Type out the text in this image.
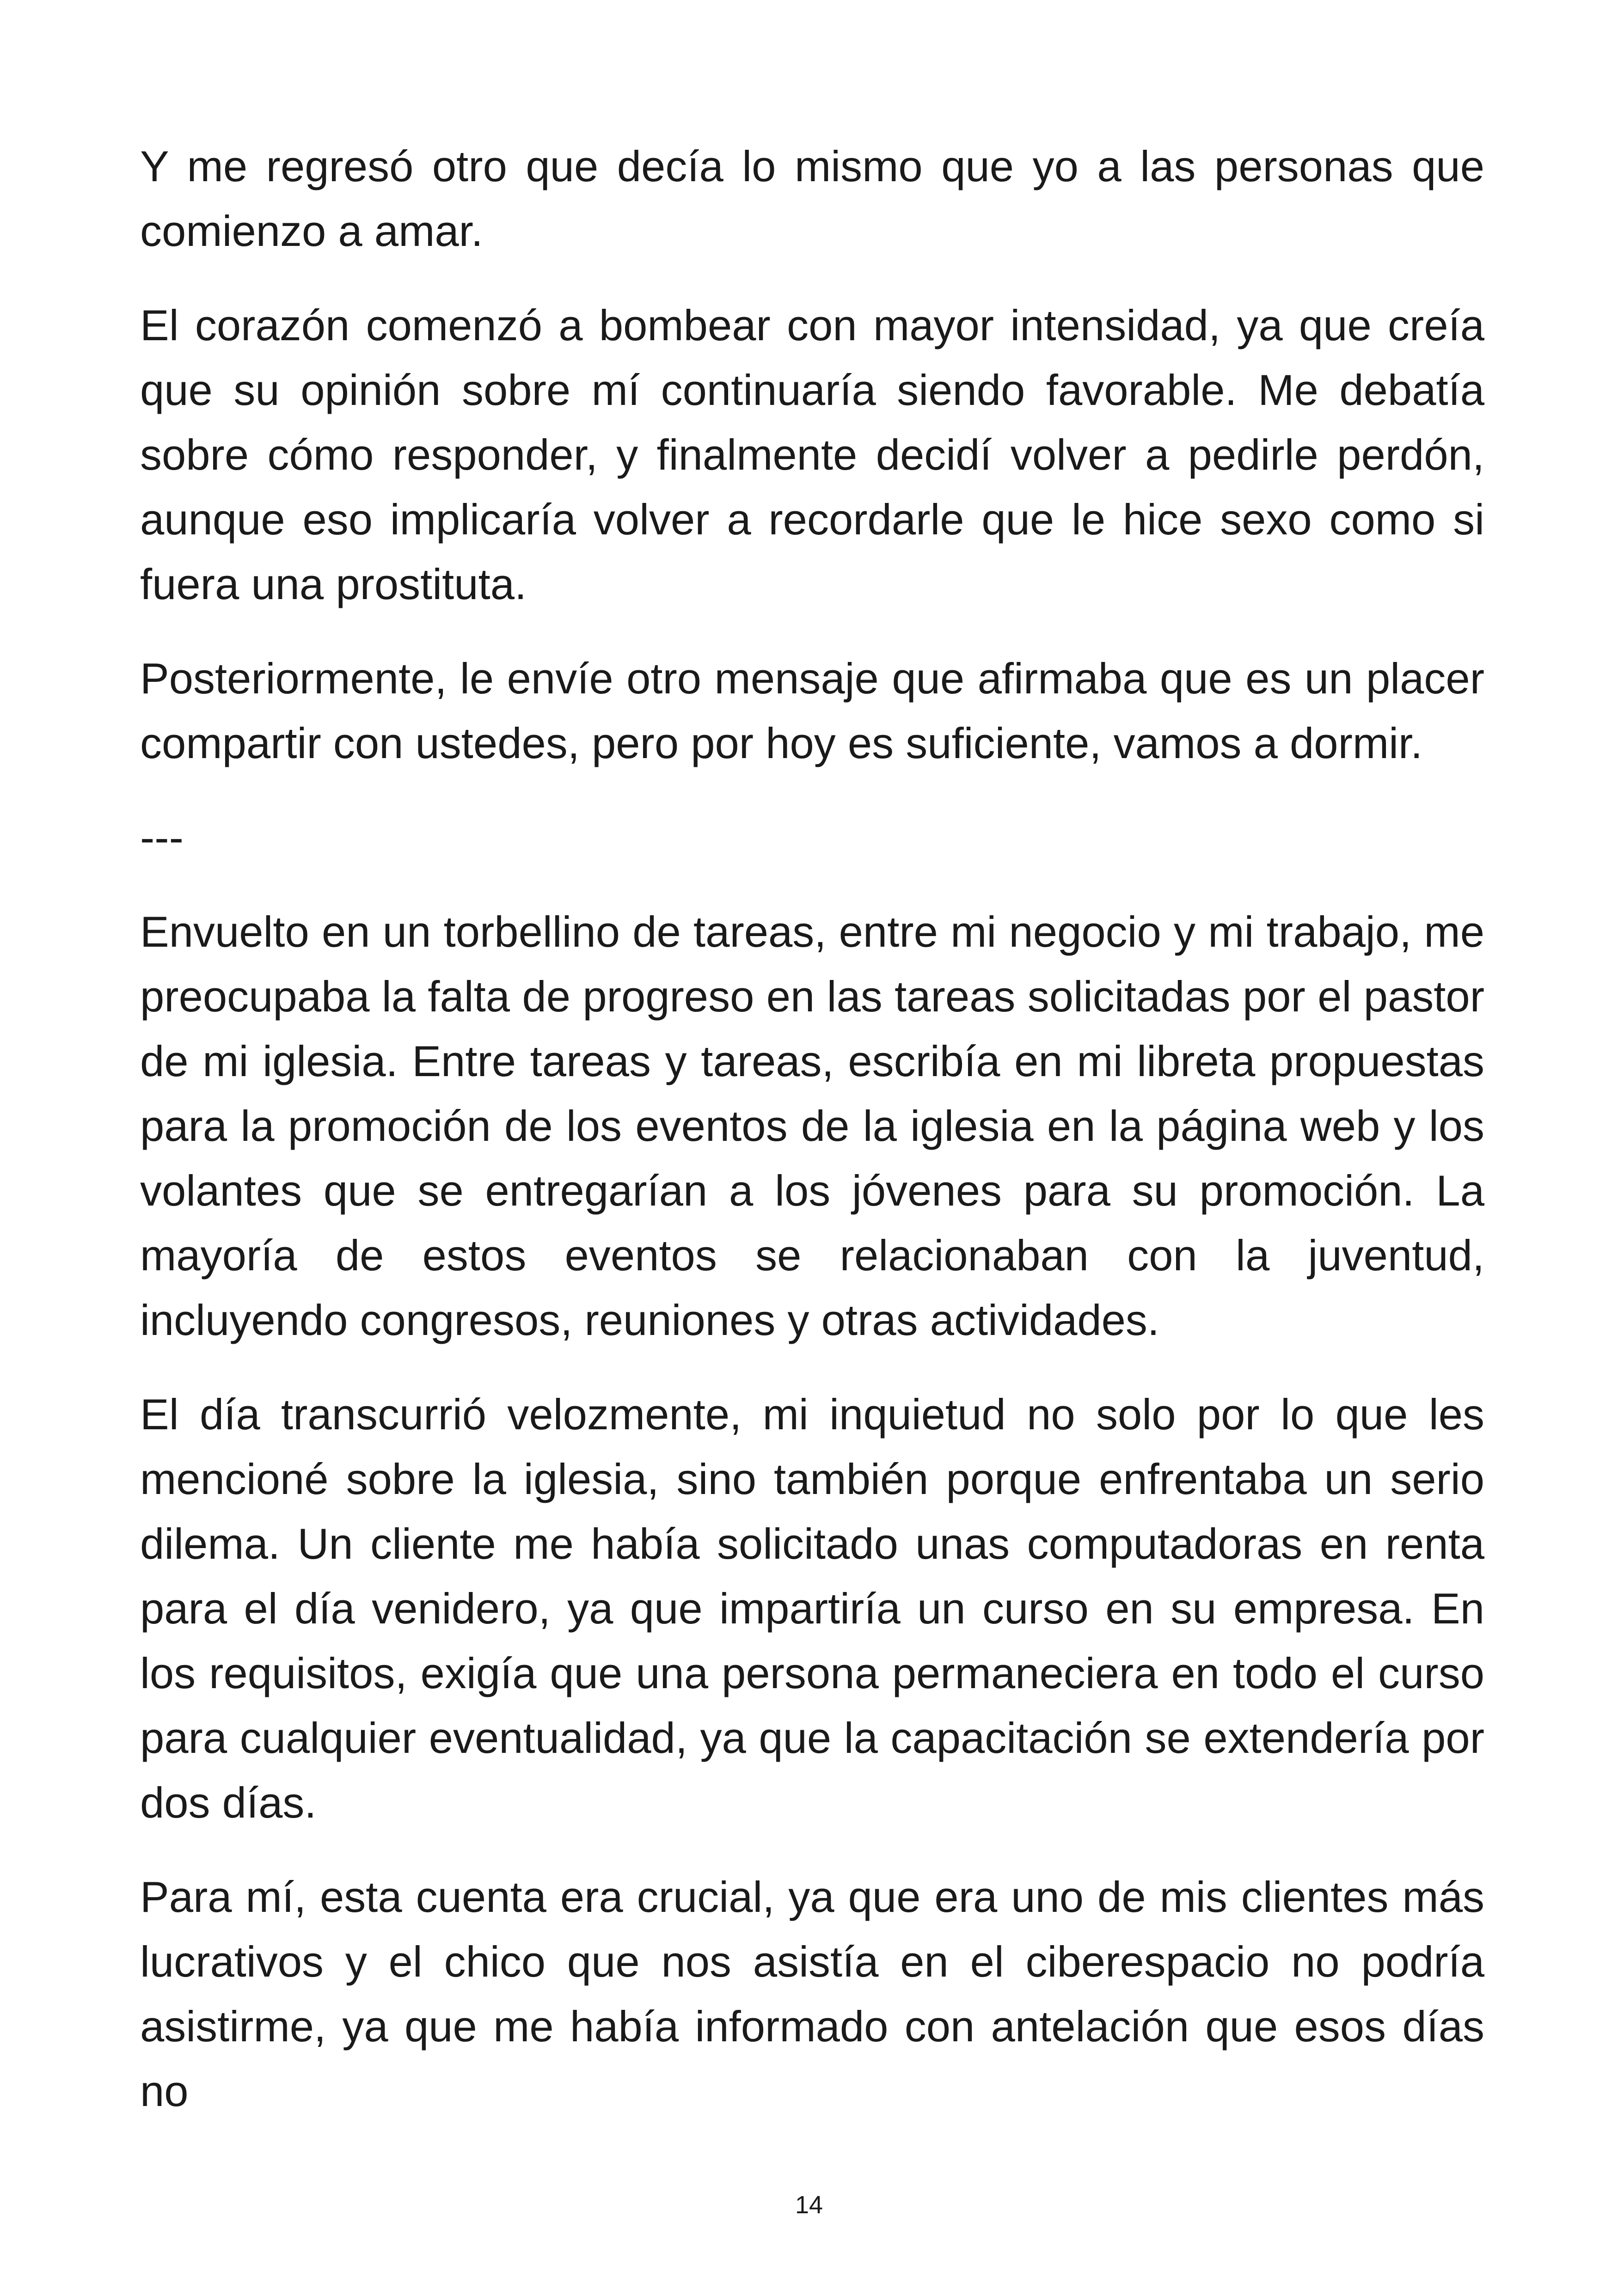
Y me regresó otro que decía lo mismo que yo a las personas que comienzo a amar.

El corazón comenzó a bombear con mayor intensidad, ya que creía que su opinión sobre mí continuaría siendo favorable. Me debatía sobre cómo responder, y finalmente decidí volver a pedirle perdón, aunque eso implicaría volver a recordarle que le hice sexo como si fuera una prostituta.

Posteriormente, le envíe otro mensaje que afirmaba que es un placer compartir con ustedes, pero por hoy es suficiente, vamos a dormir.

---

Envuelto en un torbellino de tareas, entre mi negocio y mi trabajo, me preocupaba la falta de progreso en las tareas solicitadas por el pastor de mi iglesia. Entre tareas y tareas, escribía en mi libreta propuestas para la promoción de los eventos de la iglesia en la página web y los volantes que se entregarían a los jóvenes para su promoción. La mayoría de estos eventos se relacionaban con la juventud, incluyendo congresos, reuniones y otras actividades.

El día transcurrió velozmente, mi inquietud no solo por lo que les mencioné sobre la iglesia, sino también porque enfrentaba un serio dilema. Un cliente me había solicitado unas computadoras en renta para el día venidero, ya que impartiría un curso en su empresa. En los requisitos, exigía que una persona permaneciera en todo el curso para cualquier eventualidad, ya que la capacitación se extendería por dos días.

Para mí, esta cuenta era crucial, ya que era uno de mis clientes más lucrativos y el chico que nos asistía en el ciberespacio no podría asistirme, ya que me había informado con antelación que esos días no

14
